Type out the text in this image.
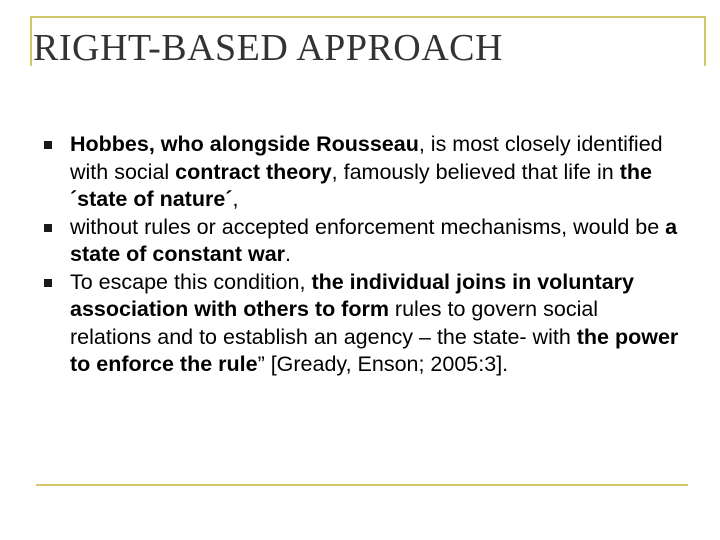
RIGHT-BASED APPROACH
Hobbes, who alongside Rousseau, is most closely identified with social contract theory, famously believed that life in the ´state of nature´,
without rules or accepted enforcement mechanisms, would be a state of constant war.
To escape this condition, the individual joins in voluntary association with others to form rules to govern social relations and to establish an agency – the state- with the power to enforce the rule” [Gready, Enson; 2005:3].
